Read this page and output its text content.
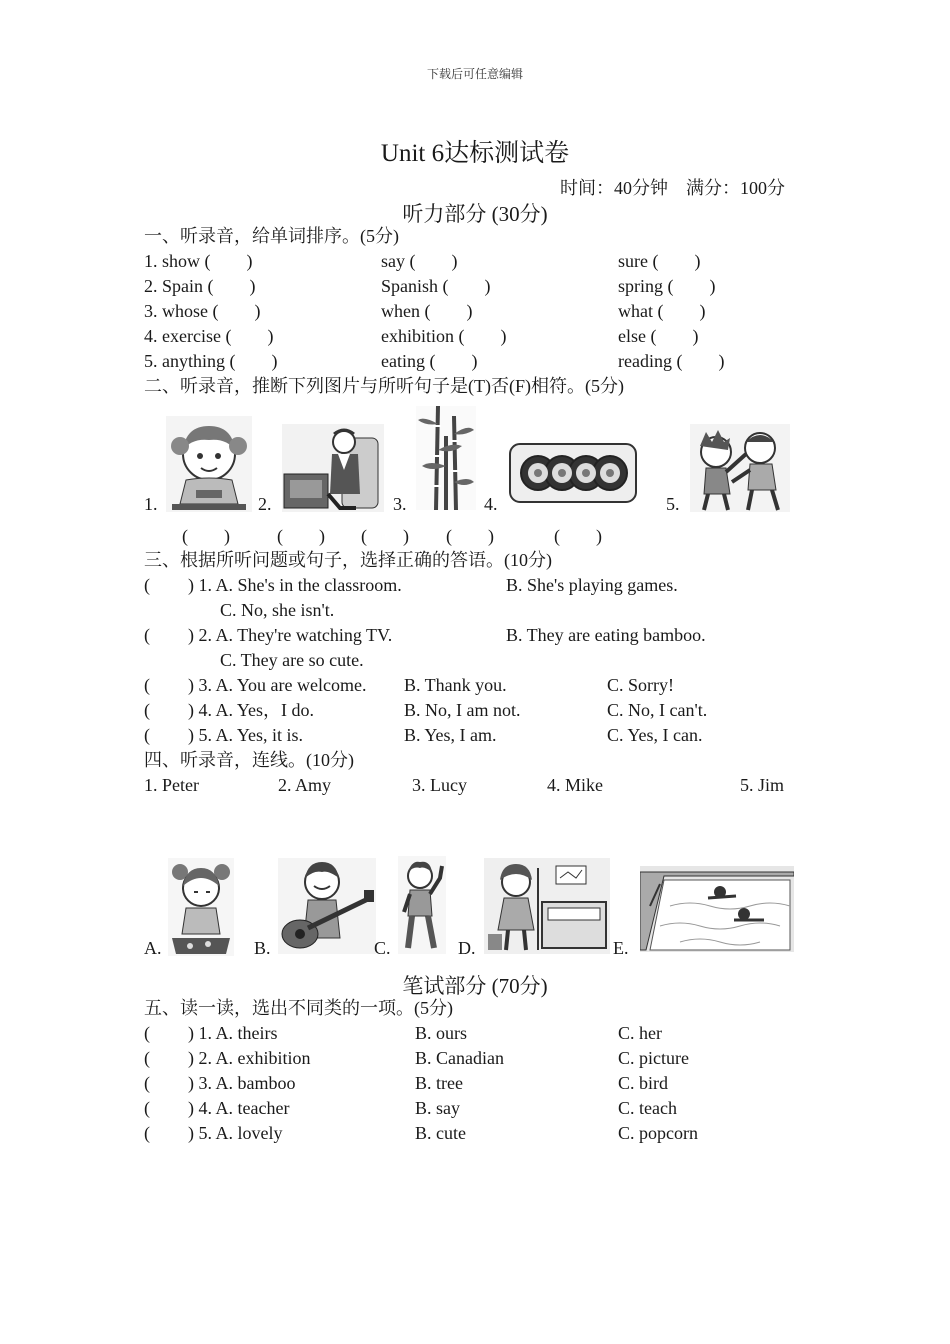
下载后可任意编辑
Unit 6达标测试卷
时间：40分钟 满分：100分
听力部分 (30分)
一、听录音，给单词排序。(5分)
1. show (　　)	say (　　)	sure (　　)
2. Spain (　　)	Spanish (　　)	spring (　　)
3. whose (　　)	when (　　)	what (　　)
4. exercise (　　)	exhibition (　　)	else (　　)
5. anything (　　)	eating (　　)	reading (　　)
二、听录音，推断下列图片与所听句子是(T)否(F)相符。(5分)
1.	2.	3.	4.	5.
(　　)	(　　) (　　) (　　)	(　　)
三、根据所听问题或句子，选择正确的答语。(10分)
( ) 1. A. She's in the classroom.	B. She's playing games.
C. No, she isn't.
( ) 2. A. They're watching TV.	B. They are eating bamboo.
C. They are so cute.
( ) 3. A. You are welcome. B. Thank you.	C. Sorry!
( ) 4. A. Yes，I do.	B. No, I am not.	C. No, I can't.
( ) 5. A. Yes, it is.	B. Yes, I am.	C. Yes, I can.
四、听录音，连线。(10分)
1. Peter	2. Amy	3. Lucy	4. Mike	5. Jim
A.	B.	C.	D.	E.
笔试部分 (70分)
五、读一读，选出不同类的一项。(5分)
(　　 ) 1. A. theirs	B. ours	C. her
(　　 ) 2. A. exhibition	B. Canadian	C. picture
(　　 ) 3. A. bamboo	B. tree	C. bird
(　　 ) 4. A. teacher	B. say	C. teach
(　　 ) 5. A. lovely	B. cute	C. popcorn
